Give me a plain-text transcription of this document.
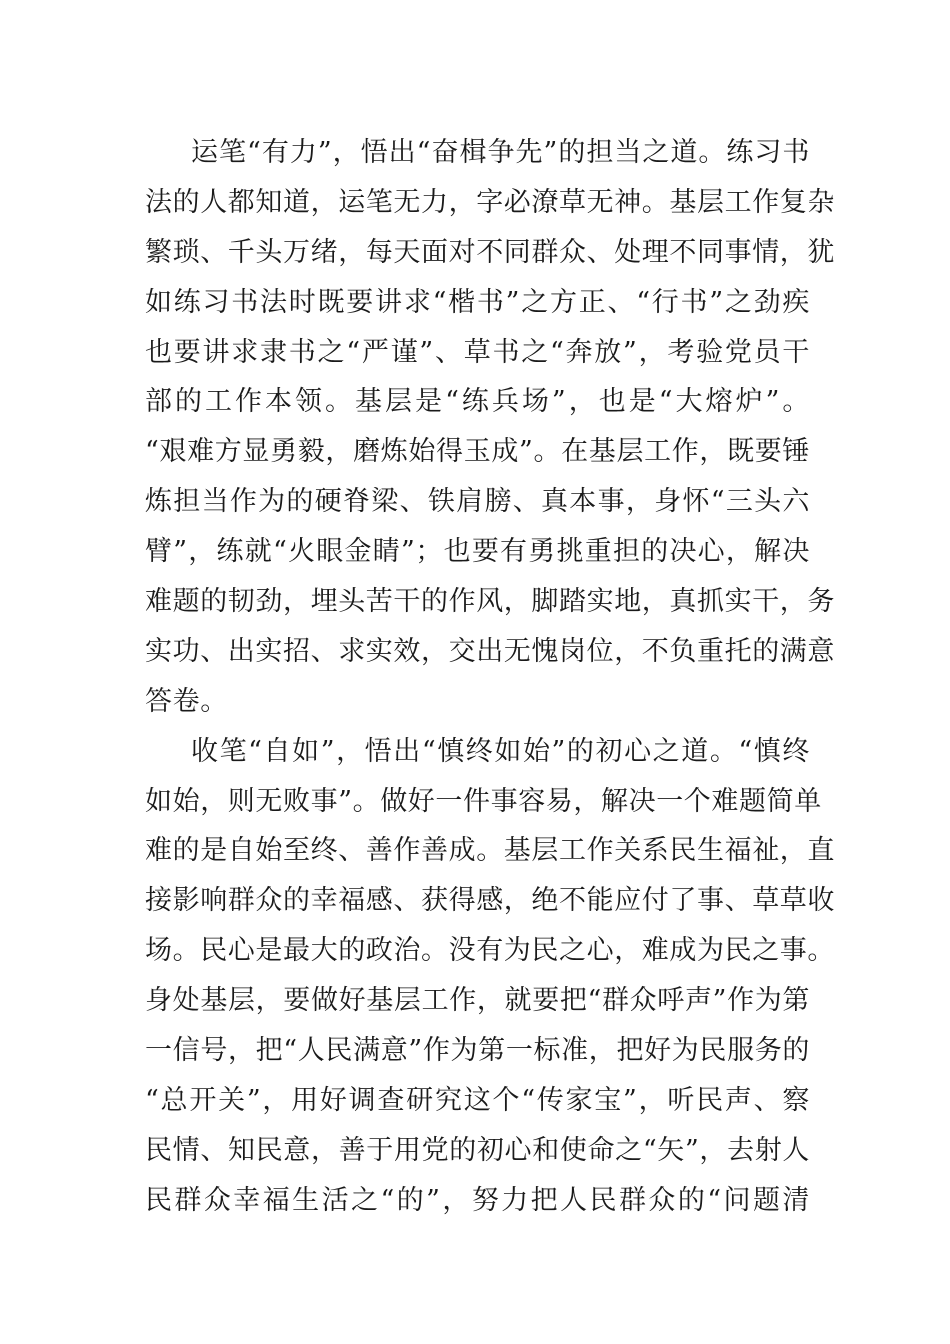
运笔“有力”，悟出“奋楫争先”的担当之道。练习书
法的人都知道，运笔无力，字必潦草无神。基层工作复杂
繁琐、千头万绪，每天面对不同群众、处理不同事情，犹
如练习书法时既要讲求“楷书”之方正、“行书”之劲疾
也要讲求隶书之“严谨”、草书之“奔放”，考验党员干
部的工作本领。基层是“练兵场”，也是“大熔炉”。
“艰难方显勇毅，磨炼始得玉成”。在基层工作，既要锤
炼担当作为的硬脊梁、铁肩膀、真本事，身怀“三头六
臂”，练就“火眼金睛”；也要有勇挑重担的决心，解决
难题的韧劲，埋头苦干的作风，脚踏实地，真抓实干，务
实功、出实招、求实效，交出无愧岗位，不负重托的满意
答卷。
收笔“自如”，悟出“慎终如始”的初心之道。“慎终
如始，则无败事”。做好一件事容易，解决一个难题简单
难的是自始至终、善作善成。基层工作关系民生福祉，直
接影响群众的幸福感、获得感，绝不能应付了事、草草收
场。民心是最大的政治。没有为民之心，难成为民之事。
身处基层，要做好基层工作，就要把“群众呼声”作为第
一信号，把“人民满意”作为第一标准，把好为民服务的
“总开关”，用好调查研究这个“传家宝”，听民声、察
民情、知民意，善于用党的初心和使命之“矢”，去射人
民群众幸福生活之“的”，努力把人民群众的“问题清
